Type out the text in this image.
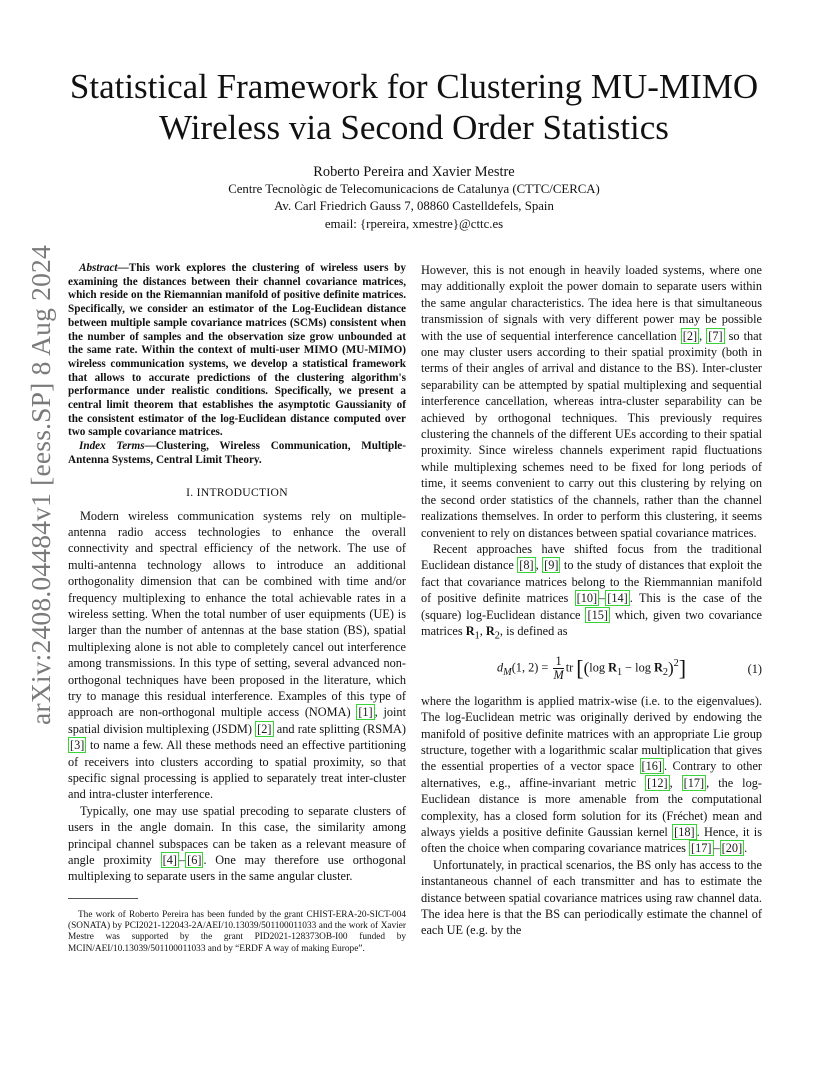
arXiv:2408.04484v1 [eess.SP] 8 Aug 2024
Statistical Framework for Clustering MU-MIMO
Wireless via Second Order Statistics
Roberto Pereira and Xavier Mestre
Centre Tecnològic de Telecomunicacions de Catalunya (CTTC/CERCA)
Av. Carl Friedrich Gauss 7, 08860 Castelldefels, Spain
email: {rpereira, xmestre}@cttc.es

Abstract—This work explores the clustering of wireless users by examining the distances between their channel covariance matrices, which reside on the Riemannian manifold of positive definite matrices. Specifically, we consider an estimator of the Log-Euclidean distance between multiple sample covariance matrices (SCMs) consistent when the number of samples and the observation size grow unbounded at the same rate. Within the context of multi-user MIMO (MU-MIMO) wireless communication systems, we develop a statistical framework that allows to accurate predictions of the clustering algorithm's performance under realistic conditions. Specifically, we present a central limit theorem that establishes the asymptotic Gaussianity of the consistent estimator of the log-Euclidean distance computed over two sample covariance matrices.

Index Terms—Clustering, Wireless Communication, Multiple-Antenna Systems, Central Limit Theory.

I. INTRODUCTION

Modern wireless communication systems rely on multiple-antenna radio access technologies to enhance the overall connectivity and spectral efficiency of the network. The use of multi-antenna technology allows to introduce an additional orthogonality dimension that can be combined with time and/or frequency multiplexing to enhance the total achievable rates in a wireless setting. When the total number of user equipments (UE) is larger than the number of antennas at the base station (BS), spatial multiplexing alone is not able to completely cancel out interference among transmissions. In this type of setting, several advanced non-orthogonal techniques have been proposed in the literature, which try to manage this residual interference. Examples of this type of approach are non-orthogonal multiple access (NOMA) [1] , joint spatial division multiplexing (JSDM) [2] and rate splitting (RSMA) [3] to name a few. All these methods need an effective partitioning of receivers into clusters according to spatial proximity, so that specific signal processing is applied to separately treat inter-cluster and intra-cluster interference.

Typically, one may use spatial precoding to separate clusters of users in the angle domain. In this case, the similarity among principal channel subspaces can be taken as a relevant measure of angle proximity [4] – [6] . One may therefore use orthogonal multiplexing to separate users in the same angular cluster.

The work of Roberto Pereira has been funded by the grant CHIST-ERA-20-SICT-004 (SONATA) by PCI2021-122043-2A/AEI/10.13039/501100011033 and the work of Xavier Mestre was supported by the grant PID2021-128373OB-I00 funded by MCIN/AEI/10.13039/501100011033 and by “ERDF A way of making Europe”.

However, this is not enough in heavily loaded systems, where one may additionally exploit the power domain to separate users within the same angular characteristics. The idea here is that simultaneous transmission of signals with very different power may be possible with the use of sequential interference cancellation [2] , [7] so that one may cluster users according to their spatial proximity (both in terms of their angles of arrival and distance to the BS). Inter-cluster separability can be attempted by spatial multiplexing and sequential interference cancellation, whereas intra-cluster separability can be achieved by orthogonal techniques. This previously requires clustering the channels of the different UEs according to their spatial proximity. Since wireless channels experiment rapid fluctuations while multiplexing schemes need to be fixed for long periods of time, it seems convenient to carry out this clustering by relying on the second order statistics of the channels, rather than the channel realizations themselves. In order to perform this clustering, it seems convenient to rely on distances between spatial covariance matrices.

Recent approaches have shifted focus from the traditional Euclidean distance [8] , [9] to the study of distances that exploit the fact that covariance matrices belong to the Riemmannian manifold of positive definite matrices [10] – [14] . This is the case of the (square) log-Euclidean distance [15] which, given two covariance matrices $R_1$, $R_2$, is defined as

$d_M(1$, $2) = \frac{1}{M}$ tr [(log $R_1 - \log R_2)^2$]	(1)

where the logarithm is applied matrix-wise (i.e. to the eigenvalues). The log-Euclidean metric was originally derived by endowing the manifold of positive definite matrices with an appropriate Lie group structure, together with a logarithmic scalar multiplication that gives the essential properties of a vector space [16] . Contrary to other alternatives, e.g., affine-invariant metric [12] , [17] , the log-Euclidean distance is more amenable from the computational complexity, has a closed form solution for its (Fréchet) mean and always yields a positive definite Gaussian kernel [18] . Hence, it is often the choice when comparing covariance matrices [17] – [20] .

Unfortunately, in practical scenarios, the BS only has access to the instantaneous channel of each transmitter and has to estimate the distance between spatial covariance matrices using raw channel data. The idea here is that the BS can periodically estimate the channel of each UE (e.g. by the
